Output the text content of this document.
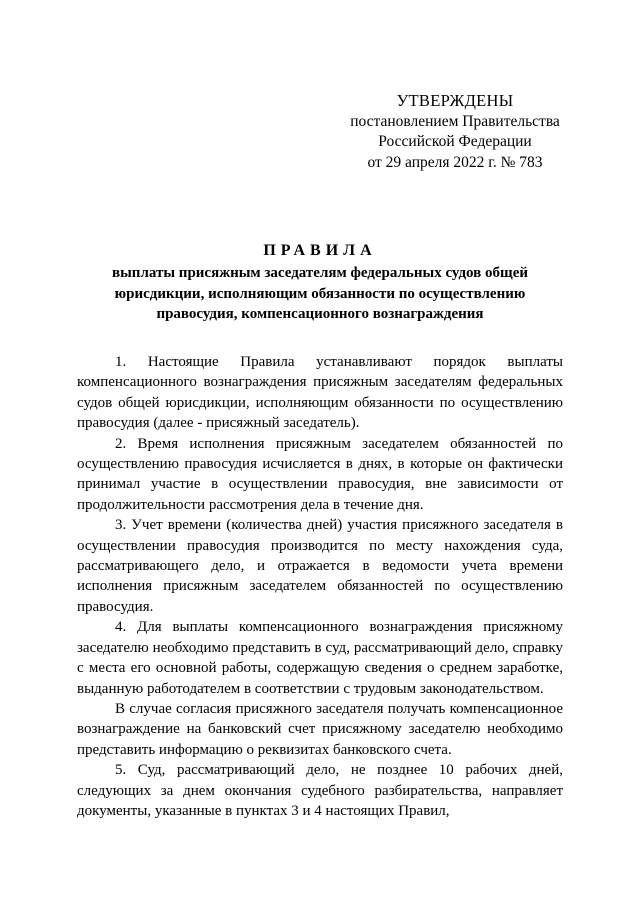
УТВЕРЖДЕНЫ
постановлением Правительства
Российской Федерации
от 29 апреля 2022 г. № 783
ПРАВИЛА
выплаты присяжным заседателям федеральных судов общей юрисдикции, исполняющим обязанности по осуществлению правосудия, компенсационного вознаграждения

1. Настоящие Правила устанавливают порядок выплаты компенсационного вознаграждения присяжным заседателям федеральных судов общей юрисдикции, исполняющим обязанности по осуществлению правосудия (далее - присяжный заседатель).

2. Время исполнения присяжным заседателем обязанностей по осуществлению правосудия исчисляется в днях, в которые он фактически принимал участие в осуществлении правосудия, вне зависимости от продолжительности рассмотрения дела в течение дня.

3. Учет времени (количества дней) участия присяжного заседателя в осуществлении правосудия производится по месту нахождения суда, рассматривающего дело, и отражается в ведомости учета времени исполнения присяжным заседателем обязанностей по осуществлению правосудия.

4. Для выплаты компенсационного вознаграждения присяжному заседателю необходимо представить в суд, рассматривающий дело, справку с места его основной работы, содержащую сведения о среднем заработке, выданную работодателем в соответствии с трудовым законодательством.

В случае согласия присяжного заседателя получать компенсационное вознаграждение на банковский счет присяжному заседателю необходимо представить информацию о реквизитах банковского счета.

5. Суд, рассматривающий дело, не позднее 10 рабочих дней, следующих за днем окончания судебного разбирательства, направляет документы, указанные в пунктах 3 и 4 настоящих Правил,
